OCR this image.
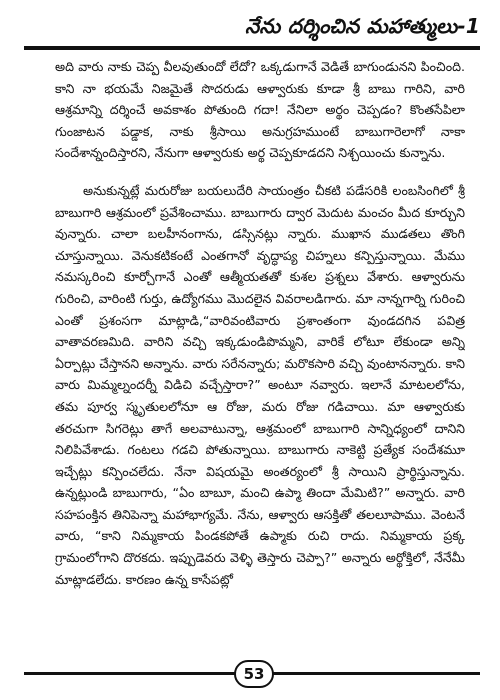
నేను దర్శించిన మహాత్ములు-1

అది వారు నాకు చెప్ప వీలవుతుందో లేదో? ఒక్కడుగానే వెడితే బాగుండునని పించింది. కాని నా భయమే నిజమైతే సొదరుడు ఆళ్వారుకు కూడా శ్రీ బాబు గారిని, వారి ఆశ్రమాన్ని దర్శించే అవకాశం పోతుంది గదా! నేనిలా అర్థం చెప్పడం? కొంతసేపిలా గుంజాటన పడ్డాక, నాకు శ్రీసాయి అనుగ్రహముంటే బాబుగారెలాగో నాకా సందేశాన్నందిస్తారని, నేనుగా ఆళ్వారుకు అర్థ చెప్పకూడదని నిశ్చయించు కున్నాను.

అనుకున్నట్లే మరురోజు బయలుదేరి సాయంత్రం చీకటి పడేసరికి లంబసింగిలో శ్రీ బాబుగారి ఆశ్రమంలో ప్రవేశించాము. బాబుగారు ద్వార మెదుట మంచం మీద కూర్చుని వున్నారు. చాలా బలహీనంగాను, డస్సినట్లు న్నారు. ముఖాన ముడతలు తొంగి చూస్తున్నాయి. వెనుకటికంటే ఎంతగానో వృద్ధాప్య చిహ్నలు కన్పిస్తున్నాయి. మేము నమస్కరించి కూర్చోగానే ఎంతో ఆత్మీయతతో కుశల ప్రశ్నలు వేశారు. ఆళ్వారును గురించి, వారింటి గుర్తు, ఉద్యోగము మొదలైన వివరాలడిగారు. మా నాన్నగార్ని గురించి ఎంతో ప్రశంసగా మాట్లాడి,“వారివంటివారు ప్రశాంతంగా వుండదగిన పవిత్ర వాతావరణమిది. వారిని వచ్చి ఇక్కడుండిపొమ్మని, వారికే లోటూ లేకుండా అన్ని ఏర్పాట్లు చేస్తానని అన్నాను. వారు సరేనన్నారు; మరొకసారి వచ్చి వుంటానన్నారు. కాని వారు మిమ్మల్నందర్నీ విడిచి వచ్చేస్తారా?” అంటూ నవ్వారు. ఇలానే మాటలలోను, తమ పూర్వ స్మృతులలోనూ ఆ రోజు, మరు రోజు గడిచాయి. మా ఆళ్వారుకు తరచుగా సిగరెట్లు తాగే అలవాటున్నా, ఆశ్రమంలో బాబుగారి సాన్నిధ్యంలో దానిని నిలిపివేశాడు. గంటలు గడచి పోతున్నాయి. బాబుగారు నాకెట్టి ప్రత్యేక సందేశమూ ఇచ్చేట్లు కన్పించలేదు. నేనా విషయమై అంతర్యంలో శ్రీ సాయిని ప్రార్థిస్తున్నాను. ఉన్నట్లుండి బాబుగారు, “ఏం బాబూ, మంచి ఉప్మా తిందా మేమిటి?” అన్నారు. వారి సహపంక్తిన తినిపెన్నా మహాభాగ్యమే. నేను, ఆళ్వారు ఆసక్తితో తలలూపాము. వెంటనే వారు, “కాని నిమ్మకాయ పిండకపోతే ఉప్మాకు రుచి రాదు. నిమ్మకాయ ప్రక్క గ్రామంలోగాని దొరకదు. ఇప్పుడెవరు వెళ్ళి తెస్తారు చెప్పా?” అన్నారు అర్థోక్తిలో, నేనేమీ మాట్లాడలేదు. కారణం ఉన్న కాసేపట్లో

53
